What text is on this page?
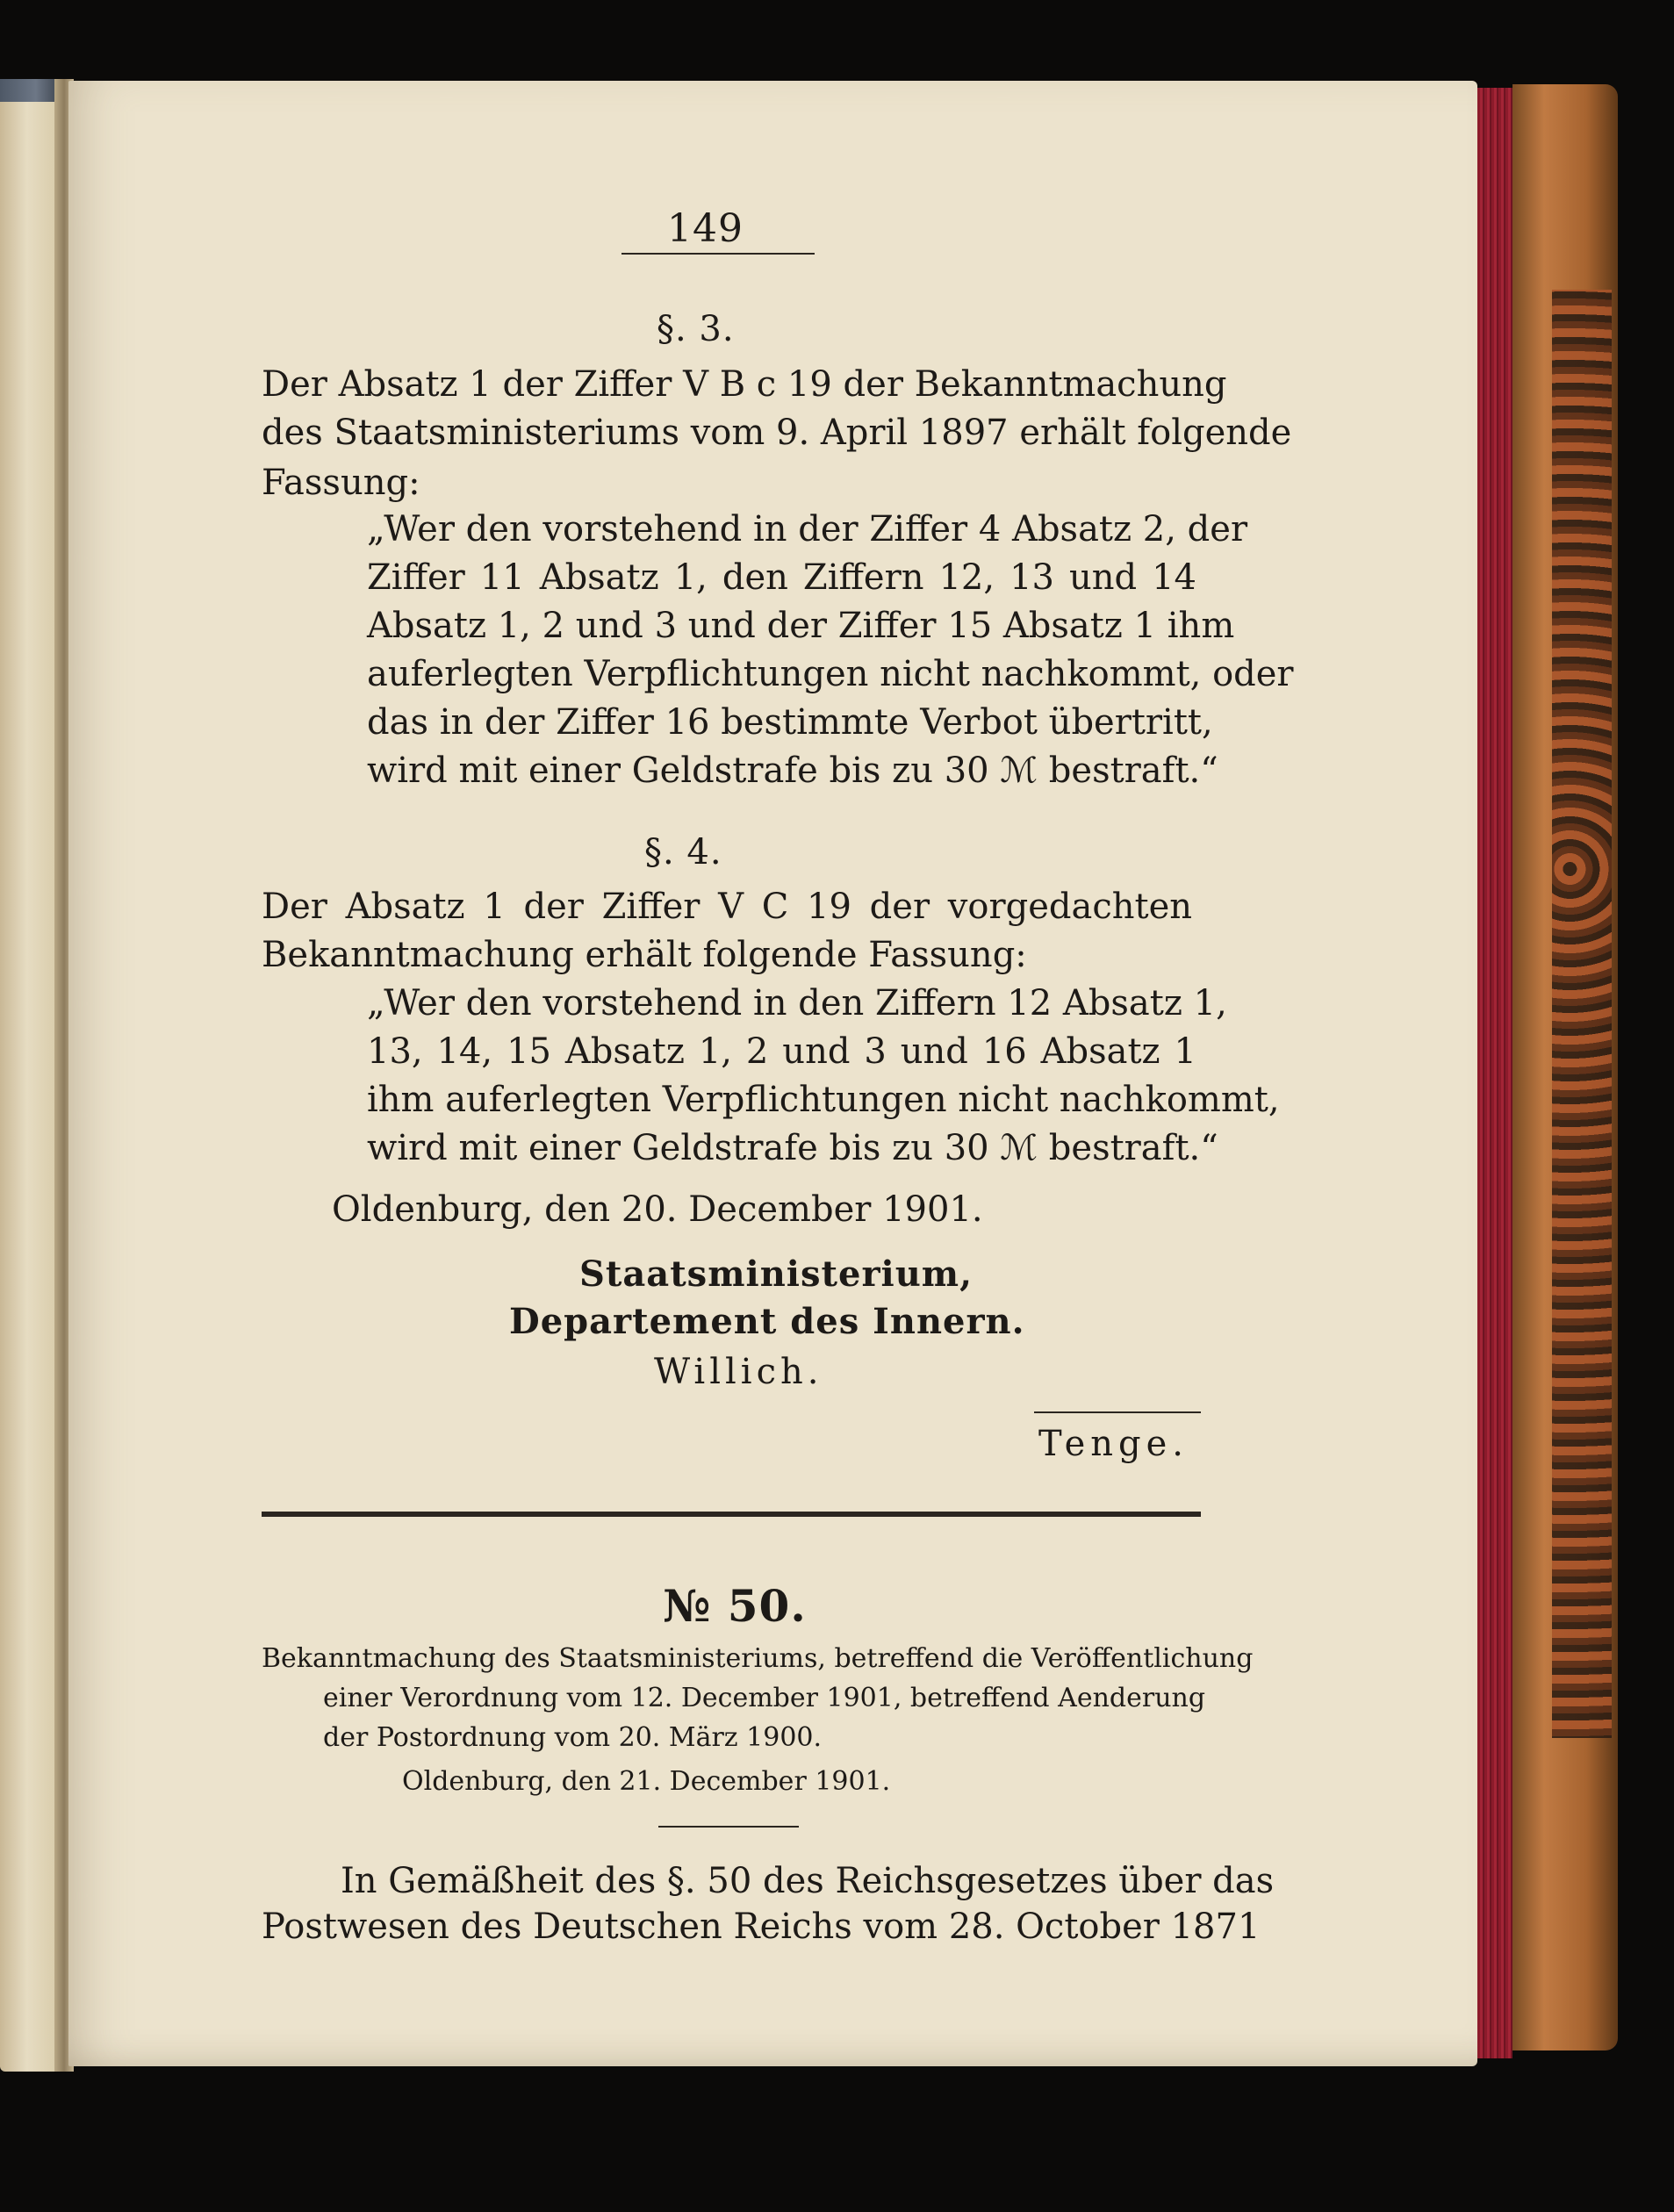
149
§. 3.
Der Absatz 1 der Ziffer V B c 19 der Bekanntmachung
des Staatsministeriums vom 9. April 1897 erhält folgende
Fassung:
„Wer den vorstehend in der Ziffer 4 Absatz 2, der
Ziffer 11 Absatz 1, den Ziffern 12, 13 und 14
Absatz 1, 2 und 3 und der Ziffer 15 Absatz 1 ihm
auferlegten Verpflichtungen nicht nachkommt, oder
das in der Ziffer 16 bestimmte Verbot übertritt,
wird mit einer Geldstrafe bis zu 30 ℳ bestraft.“
§. 4.
Der Absatz 1 der Ziffer V C 19 der vorgedachten
Bekanntmachung erhält folgende Fassung:
„Wer den vorstehend in den Ziffern 12 Absatz 1,
13, 14, 15 Absatz 1, 2 und 3 und 16 Absatz 1
ihm auferlegten Verpflichtungen nicht nachkommt,
wird mit einer Geldstrafe bis zu 30 ℳ bestraft.“
Oldenburg, den 20. December 1901.
Staatsministerium,
Departement des Innern.
Willich.
Tenge.
№ 50.
Bekanntmachung des Staatsministeriums, betreffend die Veröffentlichung
einer Verordnung vom 12. December 1901, betreffend Aenderung
der Postordnung vom 20. März 1900.
Oldenburg, den 21. December 1901.
In Gemäßheit des §. 50 des Reichsgesetzes über das
Postwesen des Deutschen Reichs vom 28. October 1871
